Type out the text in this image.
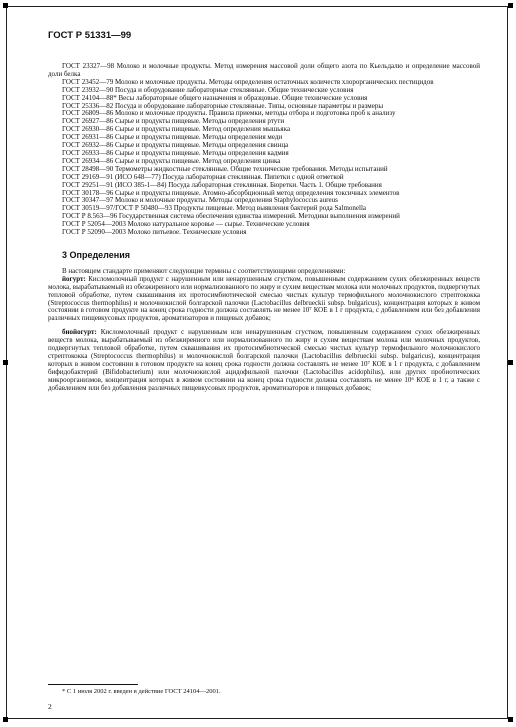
ГОСТ Р 51331—99

ГОСТ 23327—98 Молоко и молочные продукты. Метод измерения массовой доли общего азота по Кьельдалю и определение массовой доли белка

ГОСТ 23452—79 Молоко и молочные продукты. Методы определения остаточных количеств хлорорганических пестицидов

ГОСТ 23932—90 Посуда и оборудование лабораторные стеклянные. Общие технические условия

ГОСТ 24104—88* Весы лабораторные общего назначения и образцовые. Общие технические условия

ГОСТ 25336—82 Посуда и оборудование лабораторные стеклянные. Типы, основные параметры и размеры

ГОСТ 26809—86 Молоко и молочные продукты. Правила приемки, методы отбора и подготовка проб к анализу

ГОСТ 26927—86 Сырье и продукты пищевые. Методы определения ртути

ГОСТ 26930—86 Сырье и продукты пищевые. Метод определения мышьяка

ГОСТ 26931—86 Сырье и продукты пищевые. Методы определения меди

ГОСТ 26932—86 Сырье и продукты пищевые. Методы определения свинца

ГОСТ 26933—86 Сырье и продукты пищевые. Методы определения кадмия

ГОСТ 26934—86 Сырье и продукты пищевые. Метод определения цинка

ГОСТ 28498—90 Термометры жидкостные стеклянные. Общие технические требования. Методы испытаний

ГОСТ 29169—91 (ИСО 648—77) Посуда лабораторная стеклянная. Пипетки с одной отметкой

ГОСТ 29251—91 (ИСО 385-1—84) Посуда лабораторная стеклянная. Бюретки. Часть 1. Общие требования

ГОСТ 30178—96 Сырье и продукты пищевые. Атомно-абсорбционный метод определения токсичных элементов

ГОСТ 30347—97 Молоко и молочные продукты. Методы определения Staphylococcus aureus

ГОСТ 30519—97/ГОСТ Р 50480—93 Продукты пищевые. Метод выявления бактерий рода Salmonella

ГОСТ Р 8.563—96 Государственная система обеспечения единства измерений. Методики выполнения измерений

ГОСТ Р 52054—2003 Молоко натуральное коровье — сырье. Технические условия

ГОСТ Р 52090—2003 Молоко питьевое. Технические условия

3 Определения

В настоящем стандарте применяют следующие термины с соответствующими определениями:

йогурт: Кисломолочный продукт с нарушенным или ненарушенным сгустком, повышенным содержанием сухих обезжиренных веществ молока, вырабатываемый из обезжиренного или нормализованного по жиру и сухим веществам молока или молочных продуктов, подвергнутых тепловой обработке, путем сквашивания их протосимбиотической смесью чистых культур термофильного молочнокислого стрептококка (Streptococcus thermophilus) и молочнокислой болгарской палочки (Lactobacillus delbrueckii subsp. bulgaricus), концентрация которых в живом состоянии в готовом продукте на конец срока годности должна составлять не менее 10⁷ КОЕ в 1 г продукта, с добавлением или без добавления различных пищевкусовых продуктов, ароматизаторов и пищевых добавок;

биойогурт: Кисломолочный продукт с нарушенным или ненарушенным сгустком, повышенным содержанием сухих обезжиренных веществ молока, вырабатываемый из обезжиренного или нормализованного по жиру и сухим веществам молока или молочных продуктов, подвергнутых тепловой обработке, путем сквашивания их протосимбиотической смесью чистых культур термофильного молочнокислого стрептококка (Streptococcus thermophilus) и молочнокислой болгарской палочки (Lactobacillus delbrueckii subsp. bulgaricus), концентрация которых в живом состоянии в готовом продукте на конец срока годности должна составлять не менее 10⁷ КОЕ в 1 г продукта, с добавлением бифидобактерий (Bifidobacterium) или молочнокислой ацидофильной палочки (Lactobacillus acidophilus), или других пробиотических микроорганизмов, концентрация которых в живом состоянии на конец срока годности должна составлять не менее 10⁶ КОЕ в 1 г, а также с добавлением или без добавления различных пищевкусовых продуктов, ароматизаторов и пищевых добавок;

* С 1 июля 2002 г. введен в действие ГОСТ 24104—2001.
2
